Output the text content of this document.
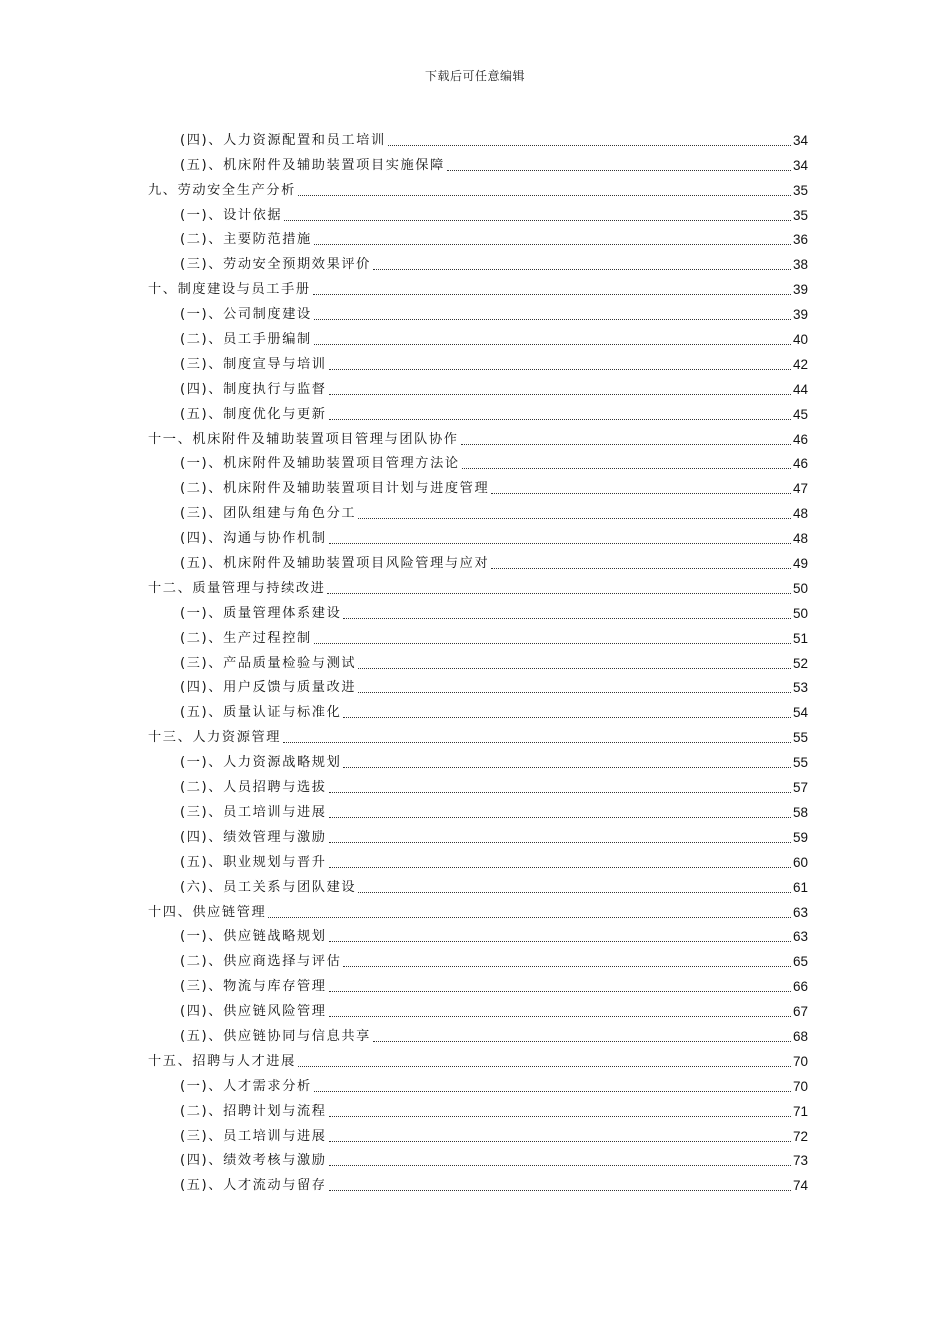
下载后可任意编辑
(四)、人力资源配置和员工培训	34
(五)、机床附件及辅助装置项目实施保障	34
九、劳动安全生产分析	35
(一)、设计依据	35
(二)、主要防范措施	36
(三)、劳动安全预期效果评价	38
十、制度建设与员工手册	39
(一)、公司制度建设	39
(二)、员工手册编制	40
(三)、制度宣导与培训	42
(四)、制度执行与监督	44
(五)、制度优化与更新	45
十一、机床附件及辅助装置项目管理与团队协作	46
(一)、机床附件及辅助装置项目管理方法论	46
(二)、机床附件及辅助装置项目计划与进度管理	47
(三)、团队组建与角色分工	48
(四)、沟通与协作机制	48
(五)、机床附件及辅助装置项目风险管理与应对	49
十二、质量管理与持续改进	50
(一)、质量管理体系建设	50
(二)、生产过程控制	51
(三)、产品质量检验与测试	52
(四)、用户反馈与质量改进	53
(五)、质量认证与标准化	54
十三、人力资源管理	55
(一)、人力资源战略规划	55
(二)、人员招聘与选拔	57
(三)、员工培训与进展	58
(四)、绩效管理与激励	59
(五)、职业规划与晋升	60
(六)、员工关系与团队建设	61
十四、供应链管理	63
(一)、供应链战略规划	63
(二)、供应商选择与评估	65
(三)、物流与库存管理	66
(四)、供应链风险管理	67
(五)、供应链协同与信息共享	68
十五、招聘与人才进展	70
(一)、人才需求分析	70
(二)、招聘计划与流程	71
(三)、员工培训与进展	72
(四)、绩效考核与激励	73
(五)、人才流动与留存	74
